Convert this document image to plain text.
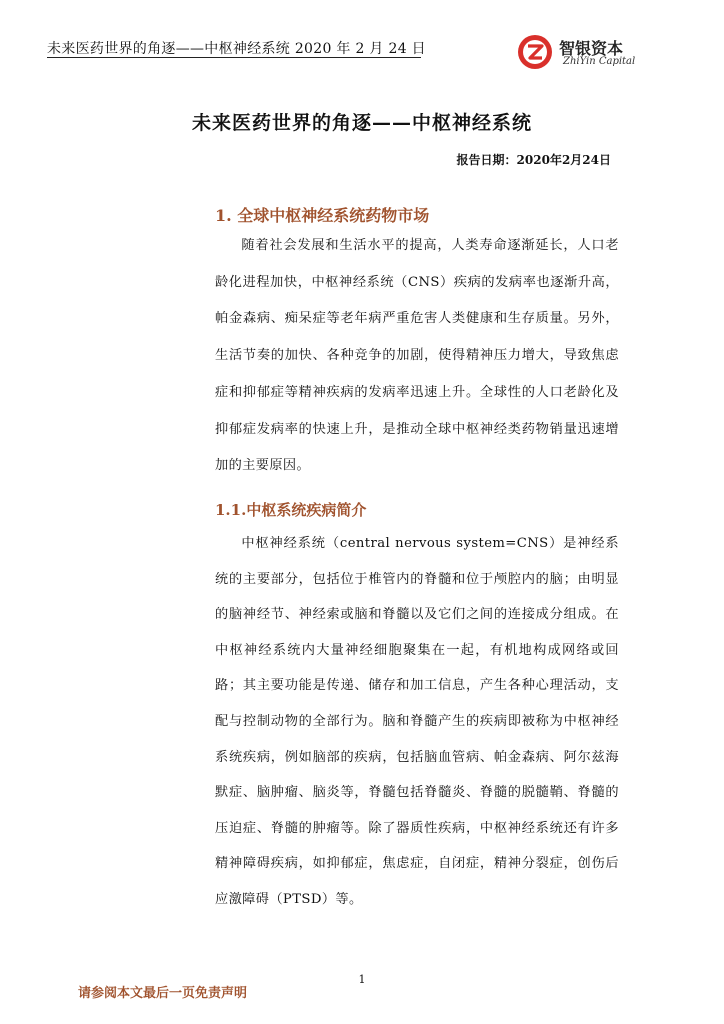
未来医药世界的角逐——中枢神经系统 2020 年 2 月 24 日	智银资本
ZhiYin Capital
未来医药世界的角逐——中枢神经系统
报告日期：2020年2月24日
1. 全球中枢神经系统药物市场

随着社会发展和生活水平的提高，人类寿命逐渐延长，人口老龄化进程加快，中枢神经系统（CNS）疾病的发病率也逐渐升高，帕金森病、痴呆症等老年病严重危害人类健康和生存质量。另外，生活节奏的加快、各种竞争的加剧，使得精神压力增大，导致焦虑症和抑郁症等精神疾病的发病率迅速上升。全球性的人口老龄化及抑郁症发病率的快速上升，是推动全球中枢神经类药物销量迅速增加的主要原因。

1.1.中枢系统疾病简介

中枢神经系统（central nervous system=CNS）是神经系统的主要部分，包括位于椎管内的脊髓和位于颅腔内的脑；由明显的脑神经节、神经索或脑和脊髓以及它们之间的连接成分组成。在中枢神经系统内大量神经细胞聚集在一起，有机地构成网络或回路；其主要功能是传递、储存和加工信息，产生各种心理活动，支配与控制动物的全部行为。脑和脊髓产生的疾病即被称为中枢神经系统疾病，例如脑部的疾病，包括脑血管病、帕金森病、阿尔兹海默症、脑肿瘤、脑炎等，脊髓包括脊髓炎、脊髓的脱髓鞘、脊髓的压迫症、脊髓的肿瘤等。除了器质性疾病，中枢神经系统还有许多精神障碍疾病，如抑郁症，焦虑症，自闭症，精神分裂症，创伤后应激障碍（PTSD）等。

1
请参阅本文最后一页免责声明
